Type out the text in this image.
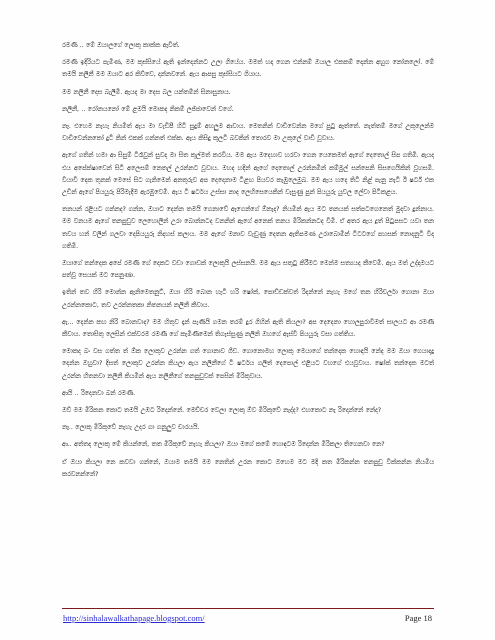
රමණී .. මේ ඔයාලගේ ලොකු කාක්ක ඇවිත්.

රමණී ඉදිරියට පැමිණ, මම කුස්සියේ ඇති ඉන්දෙන්නට උලා ගියේය. මමත් හදා ගෙන එන්නම් ඔයාල එකකම් දෙන්න අහුග නෝනලෝ. මේ තමයි නලිනී මම ඔයාට අර කිව්වෙ, දන්නවනේ. ඇය ආපසු කුස්සියට ගියාය.

මම නලිනී දෙස බැලීමී. ඇයද මා දෙස බල යන්තම්න් සිනාසුනාය.

නලිනී, .. රෝනයනෝ මේ ළමයි මොකද නිකම් ලජ්ජාවෙන් වගේ.

නෑ. එහෙම නැහැ නියමිත් ඇය මා වැඩිපී හිටි සුදුම් අහලුම ආවාය. මෙතනින් වාඩිවෙන්න මගේ පුටු ඇත්තේ. නැත්තම් මගේ උකුලෙන්ම වාඩිවෙන්නකෝ දුටි කින් එකක් ගන්නත් එක්ක. ඇය කිසිදු කුලටි බවකින් තොරව මා උකුලේ වාඩි වූවාය.

ඇගේ ගතින් හමා ආ සිසුම් ටිරෑවුන් සුවද මා සිත කුල්මත් කරවීය. මම ඇය මදෙහාව හරවා ගෙන යෙකෙමත් ඇගේ දෙතොල් සිප ගතිමී. ඇයද එය අපේක්ෂාවෙන් සිටි අලෙසම් නෙතල් උරන්නට වූවාය. මහද හදින් ඇගේ දෙතොල් උරන්නමින් කම්මුල් සන්පෙනි සිසගෙයිකින් වූහසමී. වියාවී දෙක තුනක් මෙසේ සිට ගැනිමෙන් අනතුරුව අප දෙදෙනාම ටිළඟ පියවර කැඹුලෙමුඛ. මම ඇය හදෙ තිටි නිළ් පැනු නැටි ඊ ෂර්ට් එක උඩින් ඇගේ පියයුරු පිරිමැදීම ඇරඹුවෙමී. ඇය ටී ෂර්ටය උස්සා නාද ලෙහිසෙයෙකින් වැසුණු පුන් පියයුරු යුවල ලේවා පිටිකළය.

තනයන් රළියට ගන්නද? ගන්න, ඔයාට දෙන්න තමයි ගෙනාවේ ඇගෙන්ගේ ඕනැද? නියමින් ඇය මට තනයක් සත්පටගෙනෙත් මුදවා දුන්නාය. මම වනයම ඇගේ තනපුඩුව ලෙහොලින් උරා බොන්නටද වනනින් ඇගේ අනෙක් තනය මිරිකන්නටද විමී. ඒ අතර ඇය දූත් පිටුපසට යවා තන තවය හන් වලින් ගලවා දෙපියයුරු නිදහස් කලාය. මම ඇගේ මනාව වැඩුණු දෙතන ඇතිපමණ උරාබොමින් ටිටටගේ පහසක් නොදනුටි විද ගතිමී.

ඔයාගේ තන්දෙක අපේ රමණී ගේ දෙකට වඩා ගොඩක් ලොකුයි ලස්සනයි. මම ඇය සතුටු කිරීමට මෙන්ම සත්‍යයද කීවෙමී. ඇය මත් උද්දාමයට පත්වූ සෙයක් මට පෙනුණා.

ඉතින් තව හිරි මොන්න ඇනිමෙතනුට්, ඔයා හිරි බොන හැටි හරි ෂෝක්, පොඩ්ඩක්වත් රිදන්නේ නැහැ මගේ තන හිරිචර්ලා ගොනා ඔයා උරන්නකොට, තව උරන්නතකා නිතනයන් නලිනී කීවාය.

ඇ... දෙන්න කහ නිරි බොනවාද? මම හිතුව දෑන් පැණියි ගමන තරම් දුර ගිහින් ඇති කියලා? අප දෙදෙනා හොලපුරාවිමත් සාලයට ආ රමණී කීවාය. තොසිතු ලෙසින් එක්වරම රමණී ගේ කැමිණීමෙන් තිගැස්සුණු නලිනි ඔහගේ ඇස්වී පියයුරු වසා ගත්තිය.

මොකද බං වස ගත්ත ත් ඕක ලොකුව උරන්න ගත් ගොනාව ගීඩ. ගොනොමහ ලොකු මෙයාගේ තන්දෙක හොඳයි නේද මම ඔයා ගෙයාදදු දෙන්න ඔහුවා? දිසත් ලොකුව උරන්න කියලා ඇය නලිනීගේ ටී ෂර්ටය ගලිත් දෙපොල් එළියට වහගේ එයවූවාය. ෂෝක් තන්දෙක මටත් උරන්න හිතනවා නලිනී කියමින් ඇය නලිනීගේ තනපුඩුවක් පෙසින් මිරිකුවාය.

ආයි .. රිදෙනවා බන් රමණී.

ඔව් මම මිරිකන කොට තමයි උඹට රිදෙන්නේ. මෙච්චර වෙලා ලොකු ඕව මිරිකුවේ නැද්ද? එහකොට නැ රිදෙන්නේ නේද?

නෑ.. ලොකු මිරිකුවේ නැහැ උදර ගා ගනුලුව චාරයයි.

ආ.. අත්තද ලොකු මේ කියන්නේ, තත මිරිකුවේ නැහැ කියලා? ඔයා මගේ කමේ හොඳටම රිදෙන්න මිරිකලා තිගෙනවා නෙ?

ඒ ඔයා කියලා නෙ කවවා ගන්නේ, ඔයාම තමයි මම නෙතින් උරන කොට ඔහෙම මට මදි කත මිරිකන්න තනපුඩු වික්කන්න නියමිය කරවනන්නේ?

http://sinhalawalkathapage.blogspot.com/	Page 18
